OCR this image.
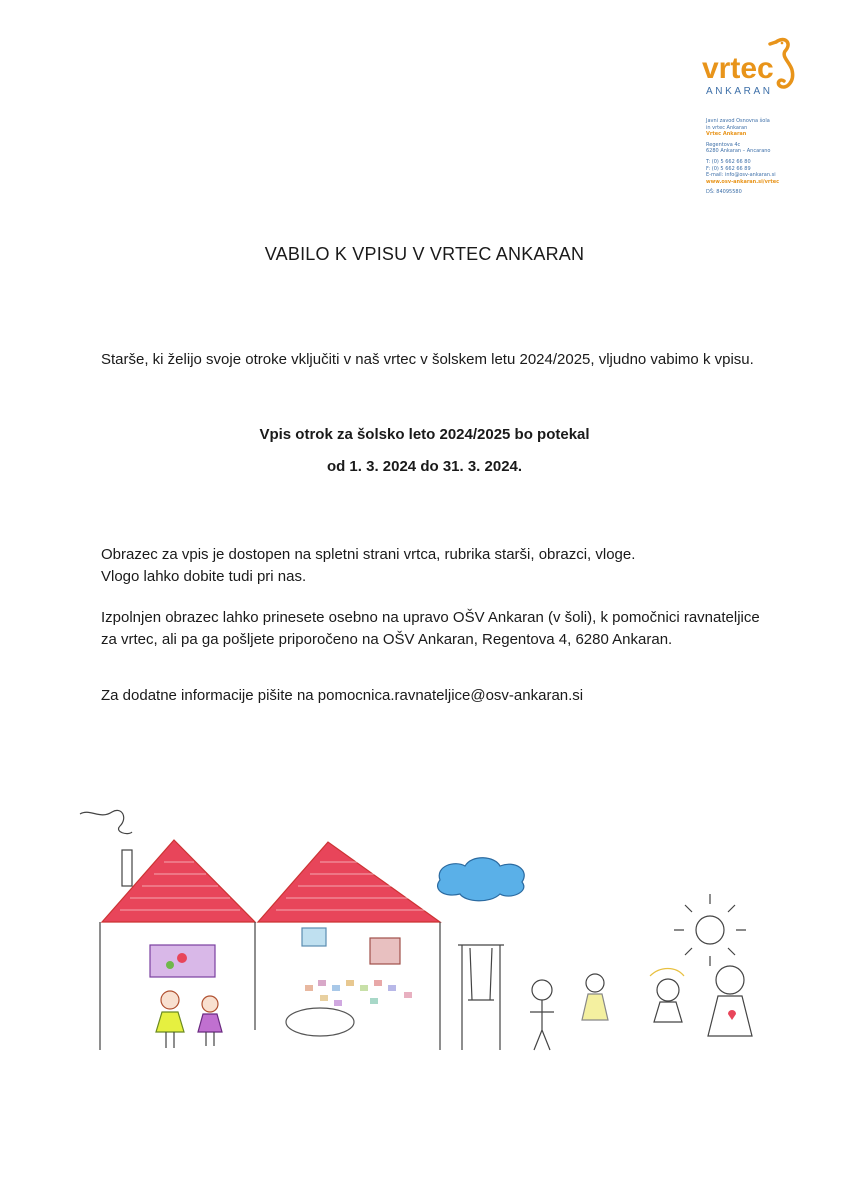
vrtec
ANKARAN
Javni zavod Osnovna šola
in vrtec Ankaran
Vrtec Ankaran
Regentova 4c
6280 Ankaran – Ancarano
T: (0) 5 662 66 80
F: (0) 5 662 66 89
E-mail: info@osv-ankaran.si
www.osv-ankaran.si/vrtec
DŠ: 84095580
VABILO K VPISU V VRTEC ANKARAN
Starše, ki želijo svoje otroke vključiti v naš vrtec v šolskem letu 2024/2025, vljudno vabimo k vpisu.
Vpis otrok za šolsko leto 2024/2025 bo potekal
od 1. 3. 2024 do 31. 3. 2024.
Obrazec za vpis je dostopen na spletni strani vrtca, rubrika starši, obrazci, vloge.
Vlogo lahko dobite tudi pri nas.
Izpolnjen obrazec lahko prinesete osebno na upravo OŠV Ankaran (v šoli), k pomočnici ravnateljice za vrtec, ali pa ga pošljete priporočeno na OŠV Ankaran, Regentova 4, 6280 Ankaran.
Za dodatne informacije pišite na pomocnica.ravnateljice@osv-ankaran.si
